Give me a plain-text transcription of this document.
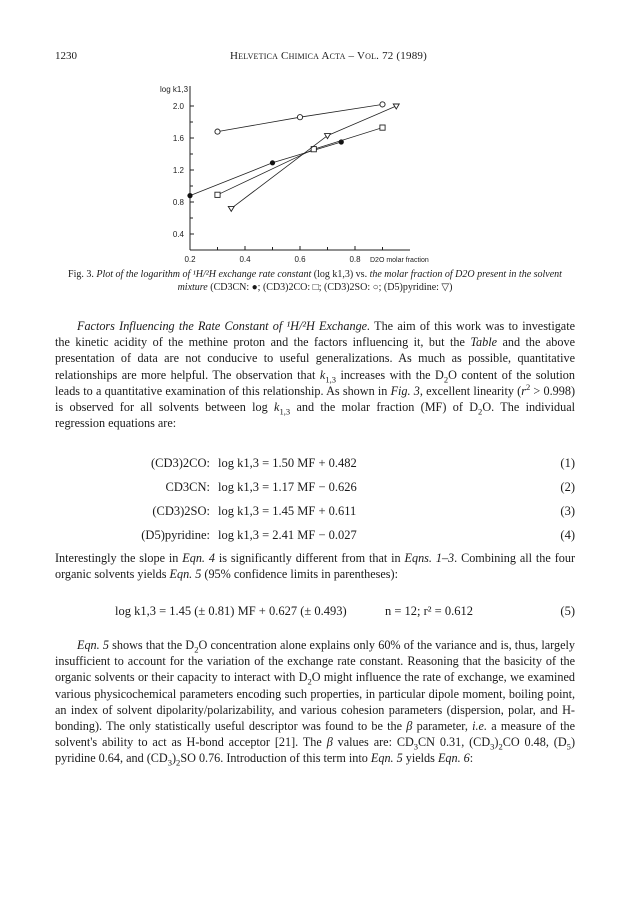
1230	Helvetica Chimica Acta – Vol. 72 (1989)
0.2	0.4	0.6	0.8
0.4
0.8
1.2
1.6
2.0
log k1,3
D2O molar fraction
Fig. 3. Plot of the logarithm of ¹H/²H exchange rate constant (log k1,3) vs. the molar fraction of D2O present in the solvent mixture (CD3CN: ●; (CD3)2CO: □; (CD3)2SO: ○; (D5)pyridine: ▽)
Factors Influencing the Rate Constant of ¹H/²H Exchange. The aim of this work was to investigate the kinetic acidity of the methine proton and the factors influencing it, but the Table and the above presentation of data are not conducive to useful generalizations. As much as possible, quantitative relationships are more helpful. The observation that $k_{1,3}$ increases with the $D_2O$ content of the solution leads to a quantitative examination of this relationship. As shown in Fig. 3, excellent linearity $(r^2 > 0.998)$ is observed for all solvents between $\log k_{1,3}$ and the molar fraction (MF) of $D_2O$. The individual regression equations are:
(CD3)2CO: log k1,3 = 1.50 MF + 0.482	(1)
CD3CN: log k1,3 = 1.17 MF − 0.626	(2)
(CD3)2SO: log k1,3 = 1.45 MF + 0.611	(3)
(D5)pyridine: log k1,3 = 2.41 MF − 0.027	(4)
Interestingly the slope in Eqn. 4 is significantly different from that in Eqns. 1–3. Combining all the four organic solvents yields Eqn. 5 (95% confidence limits in parentheses):
log k1,3 = 1.45 (± 0.81) MF + 0.627 (± 0.493)	n = 12; r² = 0.612	(5)
Eqn. 5 shows that the $D_2O$ concentration alone explains only 60% of the variance and is, thus, largely insufficient to account for the variation of the exchange rate constant. Reasoning that the basicity of the organic solvents or their capacity to interact with $D_2O$ might influence the rate of exchange, we examined various physicochemical parameters encoding such properties, in particular dipole moment, boiling point, an index of solvent dipolarity/polarizability, and various cohesion parameters (dispersion, polar, and H-bonding). The only statistically useful descriptor was found to be the β parameter, i.e. a measure of the solvent's ability to act as H-bond acceptor [21]. The β values are: $CD_3CN$ 0.31, $(CD_3)_2CO$ 0.48, $(D_5)$ pyridine 0.64, and $(CD_3)_2SO$ 0.76. Introduction of this term into Eqn. 5 yields Eqn. 6:
